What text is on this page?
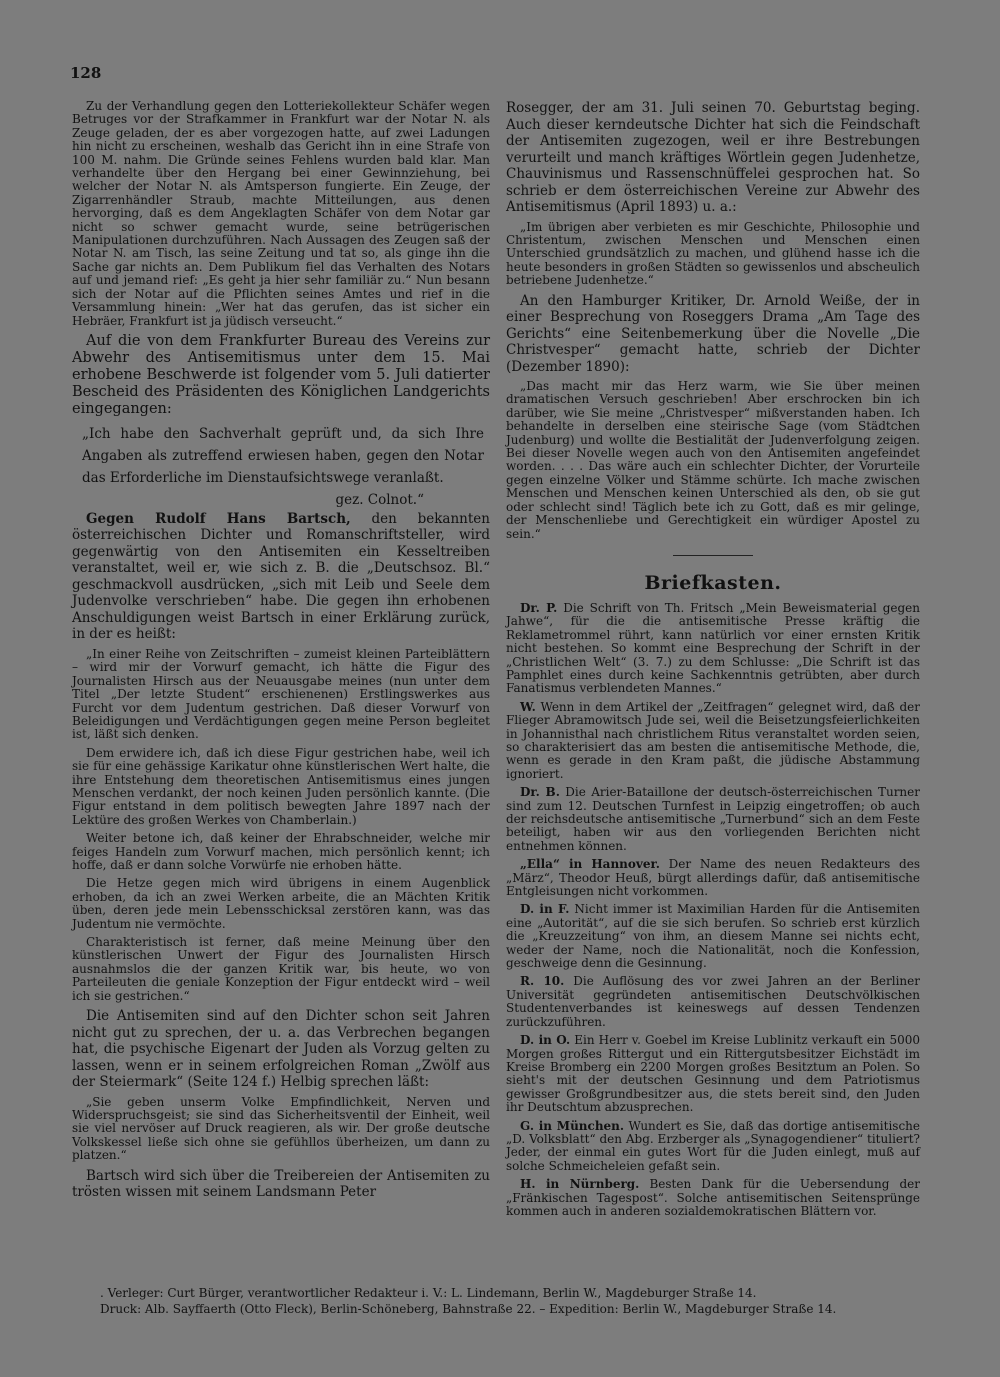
128

Zu der Verhandlung gegen den Lotteriekollekteur Schäfer wegen Betruges vor der Strafkammer in Frankfurt war der Notar N. als Zeuge geladen, der es aber vorgezogen hatte, auf zwei Ladungen hin nicht zu erscheinen, weshalb das Gericht ihn in eine Strafe von 100 M. nahm. Die Gründe seines Fehlens wurden bald klar. Man verhandelte über den Hergang bei einer Gewinnziehung, bei welcher der Notar N. als Amtsperson fungierte. Ein Zeuge, der Zigarrenhändler Straub, machte Mitteilungen, aus denen hervorging, daß es dem Angeklagten Schäfer von dem Notar gar nicht so schwer gemacht wurde, seine betrügerischen Manipulationen durchzuführen. Nach Aussagen des Zeugen saß der Notar N. am Tisch, las seine Zeitung und tat so, als ginge ihn die Sache gar nichts an. Dem Publikum fiel das Verhalten des Notars auf und jemand rief: „Es geht ja hier sehr familiär zu.“ Nun besann sich der Notar auf die Pflichten seines Amtes und rief in die Versammlung hinein: „Wer hat das gerufen, das ist sicher ein Hebräer, Frankfurt ist ja jüdisch verseucht.“

Auf die von dem Frankfurter Bureau des Vereins zur Abwehr des Antisemitismus unter dem 15. Mai erhobene Beschwerde ist folgender vom 5. Juli datierter Bescheid des Präsidenten des Königlichen Landgerichts eingegangen:

„Ich habe den Sachverhalt geprüft und, da sich Ihre Angaben als zutreffend erwiesen haben, gegen den Notar das Erforderliche im Dienstaufsichtswege veranlaßt.
gez. Colnot.“

Gegen Rudolf Hans Bartsch, den bekannten österreichischen Dichter und Romanschriftsteller, wird gegenwärtig von den Antisemiten ein Kesseltreiben veranstaltet, weil er, wie sich z. B. die „Deutschsoz. Bl.“ geschmackvoll ausdrücken, „sich mit Leib und Seele dem Judenvolke verschrieben“ habe. Die gegen ihn erhobenen Anschuldigungen weist Bartsch in einer Erklärung zurück, in der es heißt:

„In einer Reihe von Zeitschriften – zumeist kleinen Parteiblättern – wird mir der Vorwurf gemacht, ich hätte die Figur des Journalisten Hirsch aus der Neuausgabe meines (nun unter dem Titel „Der letzte Student“ erschienenen) Erstlingswerkes aus Furcht vor dem Judentum gestrichen. Daß dieser Vorwurf von Beleidigungen und Verdächtigungen gegen meine Person begleitet ist, läßt sich denken.

Dem erwidere ich, daß ich diese Figur gestrichen habe, weil ich sie für eine gehässige Karikatur ohne künstlerischen Wert halte, die ihre Entstehung dem theoretischen Antisemitismus eines jungen Menschen verdankt, der noch keinen Juden persönlich kannte. (Die Figur entstand in dem politisch bewegten Jahre 1897 nach der Lektüre des großen Werkes von Chamberlain.)

Weiter betone ich, daß keiner der Ehrabschneider, welche mir feiges Handeln zum Vorwurf machen, mich persönlich kennt; ich hoffe, daß er dann solche Vorwürfe nie erhoben hätte.

Die Hetze gegen mich wird übrigens in einem Augenblick erhoben, da ich an zwei Werken arbeite, die an Mächten Kritik üben, deren jede mein Lebensschicksal zerstören kann, was das Judentum nie vermöchte.

Charakteristisch ist ferner, daß meine Meinung über den künstlerischen Unwert der Figur des Journalisten Hirsch ausnahmslos die der ganzen Kritik war, bis heute, wo von Parteileuten die geniale Konzeption der Figur entdeckt wird – weil ich sie gestrichen.“

Die Antisemiten sind auf den Dichter schon seit Jahren nicht gut zu sprechen, der u. a. das Verbrechen begangen hat, die psychische Eigenart der Juden als Vorzug gelten zu lassen, wenn er in seinem erfolgreichen Roman „Zwölf aus der Steiermark“ (Seite 124 f.) Helbig sprechen läßt:

„Sie geben unserm Volke Empfindlichkeit, Nerven und Widerspruchsgeist; sie sind das Sicherheitsventil der Einheit, weil sie viel nervöser auf Druck reagieren, als wir. Der große deutsche Volkskessel ließe sich ohne sie gefühllos überheizen, um dann zu platzen.“

Bartsch wird sich über die Treibereien der Antisemiten zu trösten wissen mit seinem Landsmann Peter

Rosegger, der am 31. Juli seinen 70. Geburtstag beging. Auch dieser kerndeutsche Dichter hat sich die Feindschaft der Antisemiten zugezogen, weil er ihre Bestrebungen verurteilt und manch kräftiges Wörtlein gegen Judenhetze, Chauvinismus und Rassenschnüffelei gesprochen hat. So schrieb er dem österreichischen Vereine zur Abwehr des Antisemitismus (April 1893) u. a.:

„Im übrigen aber verbieten es mir Geschichte, Philosophie und Christentum, zwischen Menschen und Menschen einen Unterschied grundsätzlich zu machen, und glühend hasse ich die heute besonders in großen Städten so gewissenlos und abscheulich betriebene Judenhetze.“

An den Hamburger Kritiker, Dr. Arnold Weiße, der in einer Besprechung von Roseggers Drama „Am Tage des Gerichts“ eine Seitenbemerkung über die Novelle „Die Christvesper“ gemacht hatte, schrieb der Dichter (Dezember 1890):

„Das macht mir das Herz warm, wie Sie über meinen dramatischen Versuch geschrieben! Aber erschrocken bin ich darüber, wie Sie meine „Christvesper“ mißverstanden haben. Ich behandelte in derselben eine steirische Sage (vom Städtchen Judenburg) und wollte die Bestialität der Judenverfolgung zeigen. Bei dieser Novelle wegen auch von den Antisemiten angefeindet worden. . . . Das wäre auch ein schlechter Dichter, der Vorurteile gegen einzelne Völker und Stämme schürte. Ich mache zwischen Menschen und Menschen keinen Unterschied als den, ob sie gut oder schlecht sind! Täglich bete ich zu Gott, daß es mir gelinge, der Menschenliebe und Gerechtigkeit ein würdiger Apostel zu sein.“

Briefkasten.

Dr. P. Die Schrift von Th. Fritsch „Mein Beweismaterial gegen Jahwe“, für die die antisemitische Presse kräftig die Reklametrommel rührt, kann natürlich vor einer ernsten Kritik nicht bestehen. So kommt eine Besprechung der Schrift in der „Christlichen Welt“ (3. 7.) zu dem Schlusse: „Die Schrift ist das Pamphlet eines durch keine Sachkenntnis getrübten, aber durch Fanatismus verblendeten Mannes.“

W. Wenn in dem Artikel der „Zeitfragen“ gelegnet wird, daß der Flieger Abramowitsch Jude sei, weil die Beisetzungsfeierlichkeiten in Johannisthal nach christlichem Ritus veranstaltet worden seien, so charakterisiert das am besten die antisemitische Methode, die, wenn es gerade in den Kram paßt, die jüdische Abstammung ignoriert.

Dr. B. Die Arier-Bataillone der deutsch-österreichischen Turner sind zum 12. Deutschen Turnfest in Leipzig eingetroffen; ob auch der reichsdeutsche antisemitische „Turnerbund“ sich an dem Feste beteiligt, haben wir aus den vorliegenden Berichten nicht entnehmen können.

„Ella“ in Hannover. Der Name des neuen Redakteurs des „März“, Theodor Heuß, bürgt allerdings dafür, daß antisemitische Entgleisungen nicht vorkommen.

D. in F. Nicht immer ist Maximilian Harden für die Antisemiten eine „Autorität“, auf die sie sich berufen. So schrieb erst kürzlich die „Kreuzzeitung“ von ihm, an diesem Manne sei nichts echt, weder der Name, noch die Nationalität, noch die Konfession, geschweige denn die Gesinnung.

R. 10. Die Auflösung des vor zwei Jahren an der Berliner Universität gegründeten antisemitischen Deutschvölkischen Studentenverbandes ist keineswegs auf dessen Tendenzen zurückzuführen.

D. in O. Ein Herr v. Goebel im Kreise Lublinitz verkauft ein 5000 Morgen großes Rittergut und ein Rittergutsbesitzer Eichstädt im Kreise Bromberg ein 2200 Morgen großes Besitztum an Polen. So sieht's mit der deutschen Gesinnung und dem Patriotismus gewisser Großgrundbesitzer aus, die stets bereit sind, den Juden ihr Deutschtum abzusprechen.

G. in München. Wundert es Sie, daß das dortige antisemitische „D. Volksblatt“ den Abg. Erzberger als „Synagogendiener“ tituliert? Jeder, der einmal ein gutes Wort für die Juden einlegt, muß auf solche Schmeicheleien gefaßt sein.

H. in Nürnberg. Besten Dank für die Uebersendung der „Fränkischen Tagespost“. Solche antisemitischen Seitensprünge kommen auch in anderen sozialdemokratischen Blättern vor.

. Verleger: Curt Bürger, verantwortlicher Redakteur i. V.: L. Lindemann, Berlin W., Magdeburger Straße 14.
Druck: Alb. Sayffaerth (Otto Fleck), Berlin-Schöneberg, Bahnstraße 22. – Expedition: Berlin W., Magdeburger Straße 14.
